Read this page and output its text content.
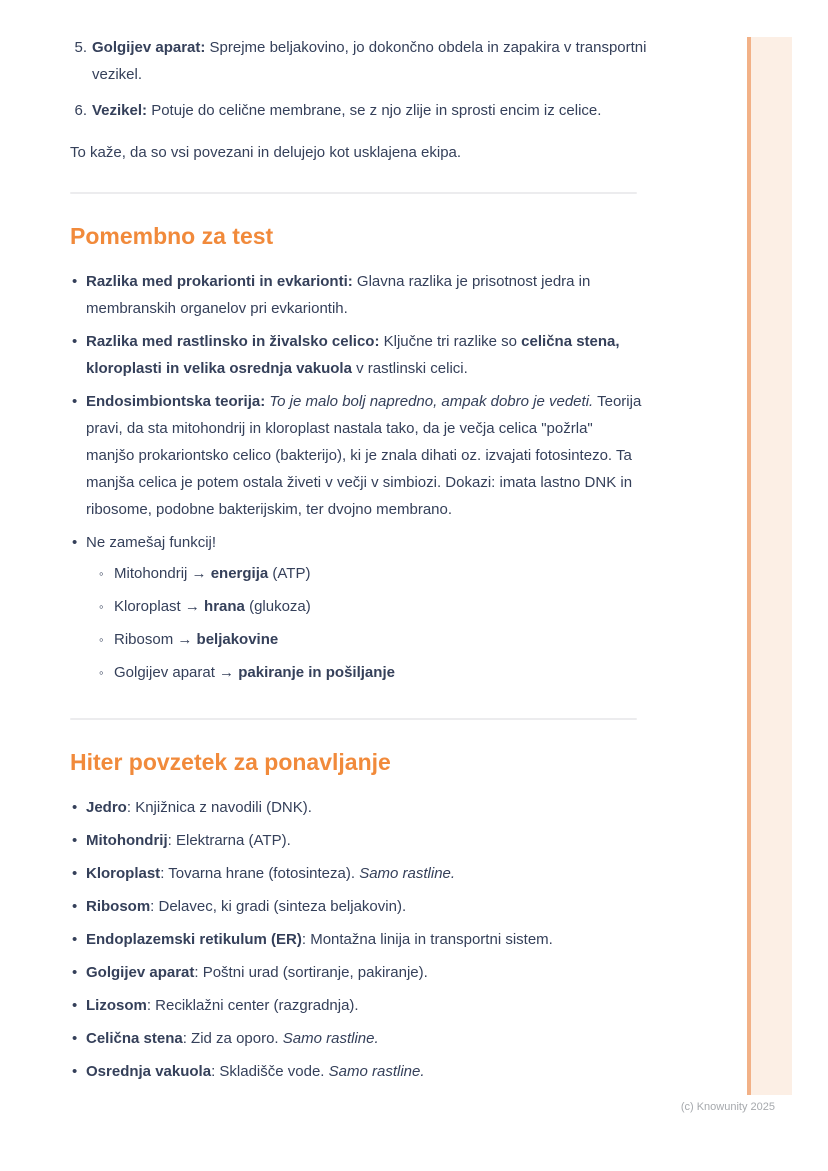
5. Golgijev aparat: Sprejme beljakovino, jo dokončno obdela in zapakira v transportni vezikel.
6. Vezikel: Potuje do celične membrane, se z njo zlije in sprosti encim iz celice.

To kaže, da so vsi povezani in delujejo kot usklajena ekipa.

Pomembno za test
• Razlika med prokarionti in evkarionti: Glavna razlika je prisotnost jedra in membranskih organelov pri evkariontih.
• Razlika med rastlinsko in živalsko celico: Ključne tri razlike so celična stena, kloroplasti in velika osrednja vakuola v rastlinski celici.
• Endosimbiontska teorija: To je malo bolj napredno, ampak dobro je vedeti. Teorija pravi, da sta mitohondrij in kloroplast nastala tako, da je večja celica "požrla" manjšo prokariontsko celico (bakterijo), ki je znala dihati oz. izvajati fotosintezo. Ta manjša celica je potem ostala živeti v večji v simbiozi. Dokazi: imata lastno DNK in ribosome, podobne bakterijskim, ter dvojno membrano.
• Ne zamešaj funkcij!
◦ Mitohondrij → energija (ATP)
◦ Kloroplast → hrana (glukoza)
◦ Ribosom → beljakovine
◦ Golgijev aparat → pakiranje in pošiljanje
Hiter povzetek za ponavljanje
• Jedro: Knjižnica z navodili (DNK).
• Mitohondrij: Elektrarna (ATP).
• Kloroplast: Tovarna hrane (fotosinteza). Samo rastline.
• Ribosom: Delavec, ki gradi (sinteza beljakovin).
• Endoplazemski retikulum (ER): Montažna linija in transportni sistem.
• Golgijev aparat: Poštni urad (sortiranje, pakiranje).
• Lizosom: Reciklažni center (razgradnja).
• Celična stena: Zid za oporo. Samo rastline.
• Osrednja vakuola: Skladišče vode. Samo rastline.
(c) Knowunity 2025
